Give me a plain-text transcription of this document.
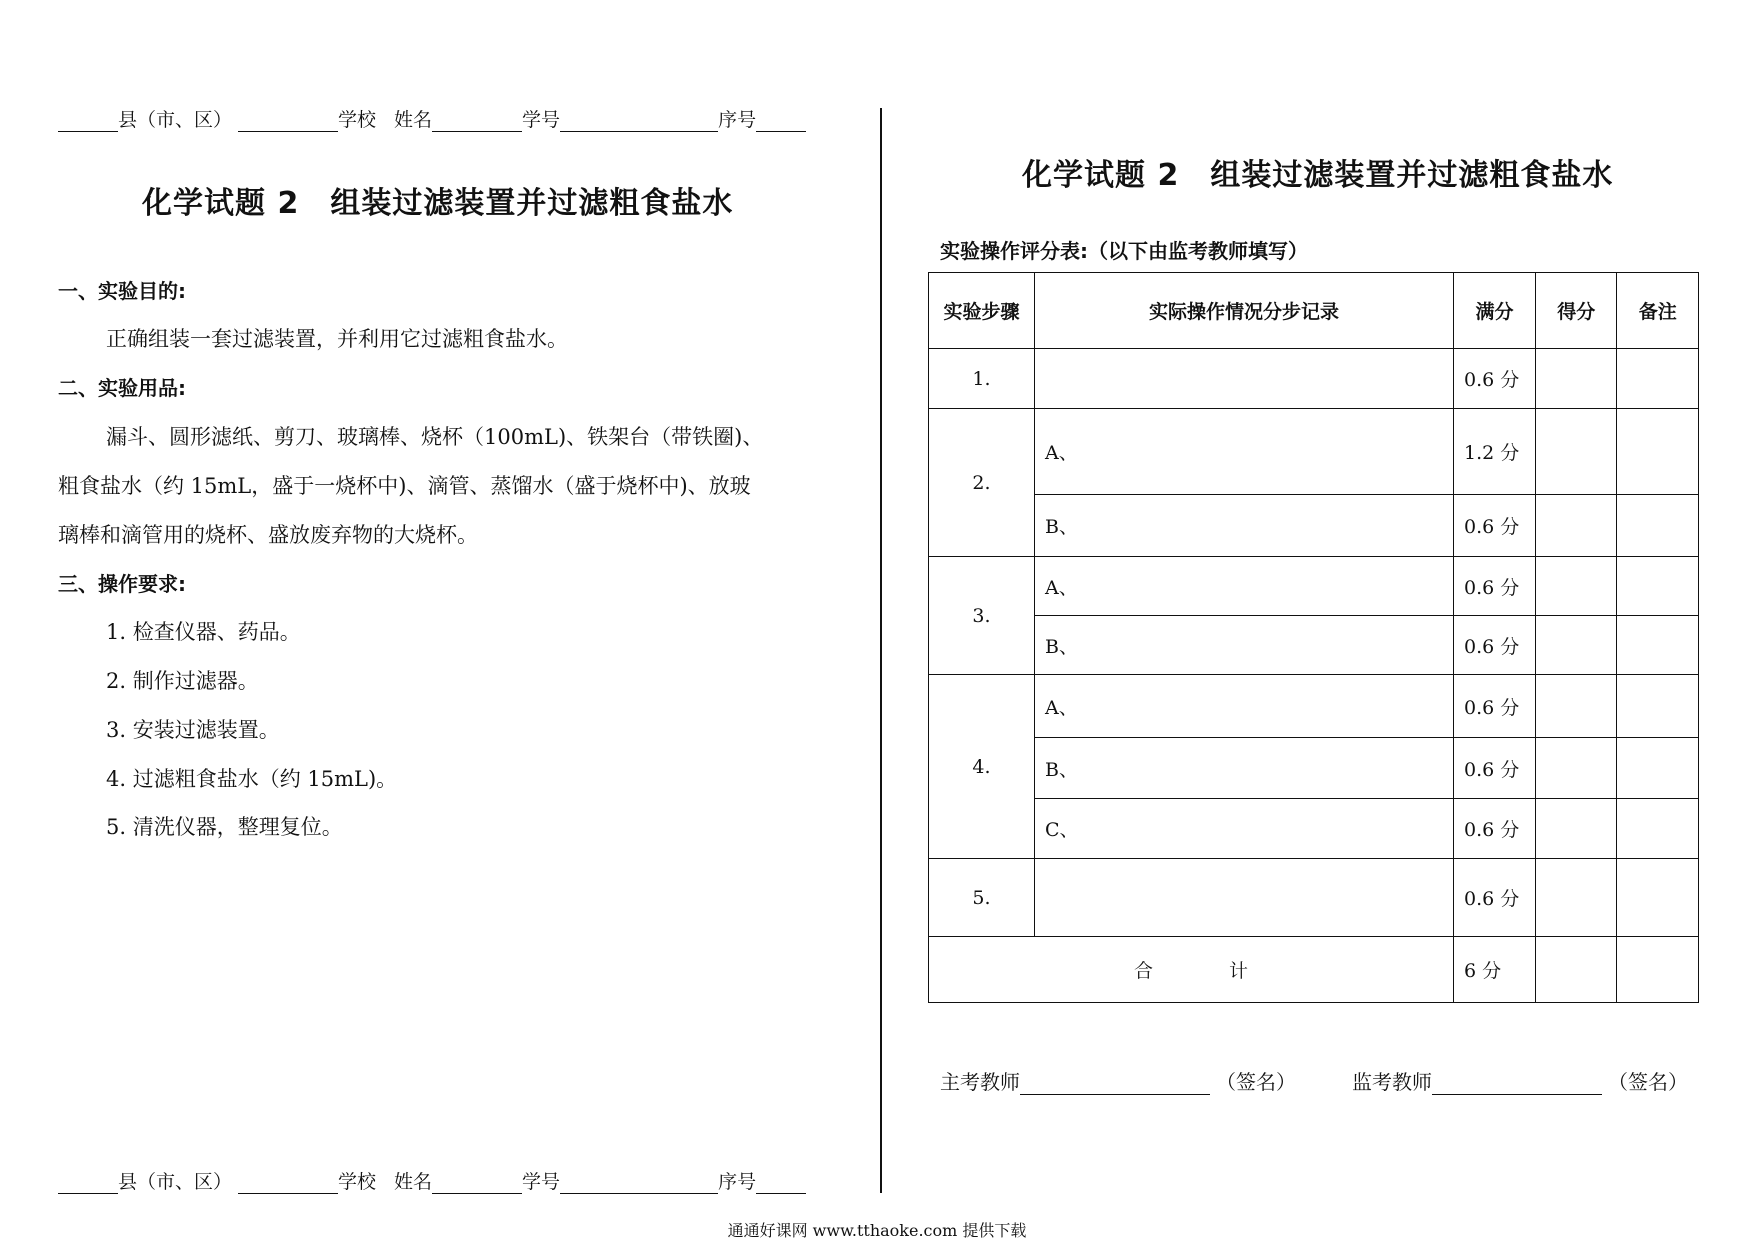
县（市、区）	学校 姓名	学号	序号
化学试题 2　组装过滤装置并过滤粗食盐水
一、实验目的:
正确组装一套过滤装置，并利用它过滤粗食盐水。
二、实验用品:
漏斗、圆形滤纸、剪刀、玻璃棒、烧杯（100mL)、铁架台（带铁圈)、
粗食盐水（约 15mL，盛于一烧杯中)、滴管、蒸馏水（盛于烧杯中)、放玻
璃棒和滴管用的烧杯、盛放废弃物的大烧杯。
三、操作要求:
1. 检查仪器、药品。
2. 制作过滤器。
3. 安装过滤装置。
4. 过滤粗食盐水（约 15mL)。
5. 清洗仪器，整理复位。
县（市、区）	学校 姓名	学号	序号
化学试题 2　组装过滤装置并过滤粗食盐水
实验操作评分表:（以下由监考教师填写）
实验步骤	实际操作情况分步记录	满分	得分	备注
1.		0.6 分		
2.	A、	1.2 分		
	B、	0.6 分		
3.	A、	0.6 分		
	B、	0.6 分		
4.	A、	0.6 分		
	B、	0.6 分		
	C、	0.6 分		
5.		0.6 分		
合　　　　计		6 分		
主考教师	（签名）	监考教师	（签名）
通通好课网 www.tthaoke.com 提供下载
